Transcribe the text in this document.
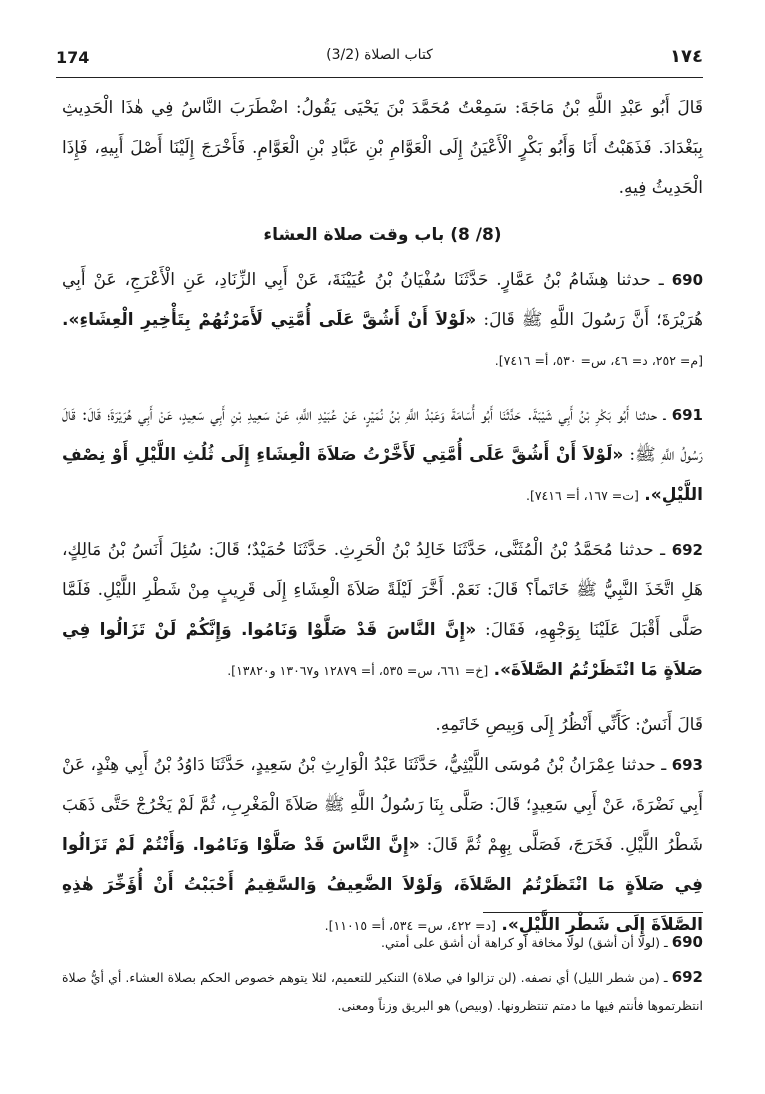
174	(3/2) كتاب الصلاة	١٧٤

قَالَ أَبُو عَبْدِ اللَّهِ بْنُ مَاجَةَ: سَمِعْتُ مُحَمَّدَ بْنَ يَحْيَى يَقُولُ: اضْطَرَبَ النَّاسُ فِي هٰذَا الْحَدِيثِ بِبَغْدَادَ. فَذَهَبْتُ أَنَا وَأَبُو بَكْرٍ الْأَعْيَنُ إِلَى الْعَوَّامِ بْنِ عَبَّادِ بْنِ الْعَوَّامِ. فَأَخْرَجَ إِلَيْنَا أَصْلَ أَبِيهِ، فَإِذَا الْحَدِيثُ فِيهِ.

(8/ 8) باب وقت صلاة العشاء

690 ـ حدثنا هِشَامُ بْنُ عَمَّارٍ. حَدَّثَنَا سُفْيَانُ بْنُ عُيَيْنَةَ، عَنْ أَبِي الزِّنَادِ، عَنِ الْأَعْرَجِ، عَنْ أَبِي هُرَيْرَةَ؛ أَنَّ رَسُولَ اللَّهِ ﷺ قَالَ: «لَوْلاَ أَنْ أَشُقَّ عَلَى أُمَّتِي لَأَمَرْتُهُمْ بِتَأْخِيرِ الْعِشَاءِ». [م= ٢٥٢، د= ٤٦، س= ٥٣٠، أ= ٧٤١٦].

691 ـ حدثنا أَبُو بَكْرِ بْنُ أَبِي شَيْبَةَ. حَدَّثَنَا أَبُو أُسَامَةَ وَعَبْدُ اللَّهِ بْنُ نُمَيْرٍ، عَنْ عُبَيْدِ اللَّهِ، عَنْ سَعِيدِ بْنِ أَبِي سَعِيدٍ، عَنْ أَبِي هُرَيْرَةَ؛ قَالَ: قَالَ رَسُولُ اللَّهِ ﷺ: «لَوْلاَ أَنْ أَشُقَّ عَلَى أُمَّتِي لَأَخَّرْتُ صَلاَةَ الْعِشَاءِ إِلَى ثُلُثِ اللَّيْلِ أَوْ نِصْفِ اللَّيْلِ». [ت= ١٦٧، أ= ٧٤١٦].

692 ـ حدثنا مُحَمَّدُ بْنُ الْمُثَنَّى، حَدَّثَنَا خَالِدُ بْنُ الْحَرِثِ. حَدَّثَنَا حُمَيْدٌ؛ قَالَ: سُئِلَ أَنَسُ بْنُ مَالِكٍ، هَلِ اتَّخَذَ النَّبِيُّ ﷺ خَاتَماً؟ قَالَ: نَعَمْ. أَخَّرَ لَيْلَةً صَلاَةَ الْعِشَاءِ إِلَى قَرِيبٍ مِنْ شَطْرِ اللَّيْلِ. فَلَمَّا صَلَّى أَقْبَلَ عَلَيْنَا بِوَجْهِهِ، فَقَالَ: «إِنَّ النَّاسَ قَدْ صَلَّوْا وَنَامُوا. وَإِنَّكُمْ لَنْ تَزَالُوا فِي صَلاَةٍ مَا انْتَظَرْتُمُ الصَّلاَةَ». [خ= ٦٦١، س= ٥٣٥، أ= ١٢٨٧٩ و١٣٠٦٧ و١٣٨٢٠].

قَالَ أَنَسٌ: كَأَنِّي أَنْظُرُ إِلَى وَبِيصِ خَاتَمِهِ.

693 ـ حدثنا عِمْرَانُ بْنُ مُوسَى اللَّيْثِيُّ، حَدَّثَنَا عَبْدُ الْوَارِثِ بْنُ سَعِيدٍ، حَدَّثَنَا دَاوُدُ بْنُ أَبِي هِنْدٍ، عَنْ أَبِي نَضْرَةَ، عَنْ أَبِي سَعِيدٍ؛ قَالَ: صَلَّى بِنَا رَسُولُ اللَّهِ ﷺ صَلاَةَ الْمَغْرِبِ، ثُمَّ لَمْ يَخْرُجْ حَتَّى ذَهَبَ شَطْرُ اللَّيْلِ. فَخَرَجَ، فَصَلَّى بِهِمْ ثُمَّ قَالَ: «إِنَّ النَّاسَ قَدْ صَلَّوْا وَنَامُوا. وَأَنْتُمْ لَمْ تَزَالُوا فِي صَلاَةٍ مَا انْتَظَرْتُمُ الصَّلاَةَ، وَلَوْلاَ الضَّعِيفُ وَالسَّقِيمُ أَحْبَبْتُ أَنْ أُؤَخِّرَ هٰذِهِ الصَّلاَةَ إِلَى شَطْرِ اللَّيْلِ». [د= ٤٢٢، س= ٥٣٤، أ= ١١٠١٥].

690 ـ (لولا أن أشق) لولا مخافة أو كراهة أن أشق على أمتي.

692 ـ (من شطر الليل) أي نصفه. (لن تزالوا في صلاة) التنكير للتعميم، لئلا يتوهم خصوص الحكم بصلاة العشاء. أي أيُّ صلاة انتظرتموها فأنتم فيها ما دمتم تنتظرونها. (وبيص) هو البريق وزناً ومعنى.
